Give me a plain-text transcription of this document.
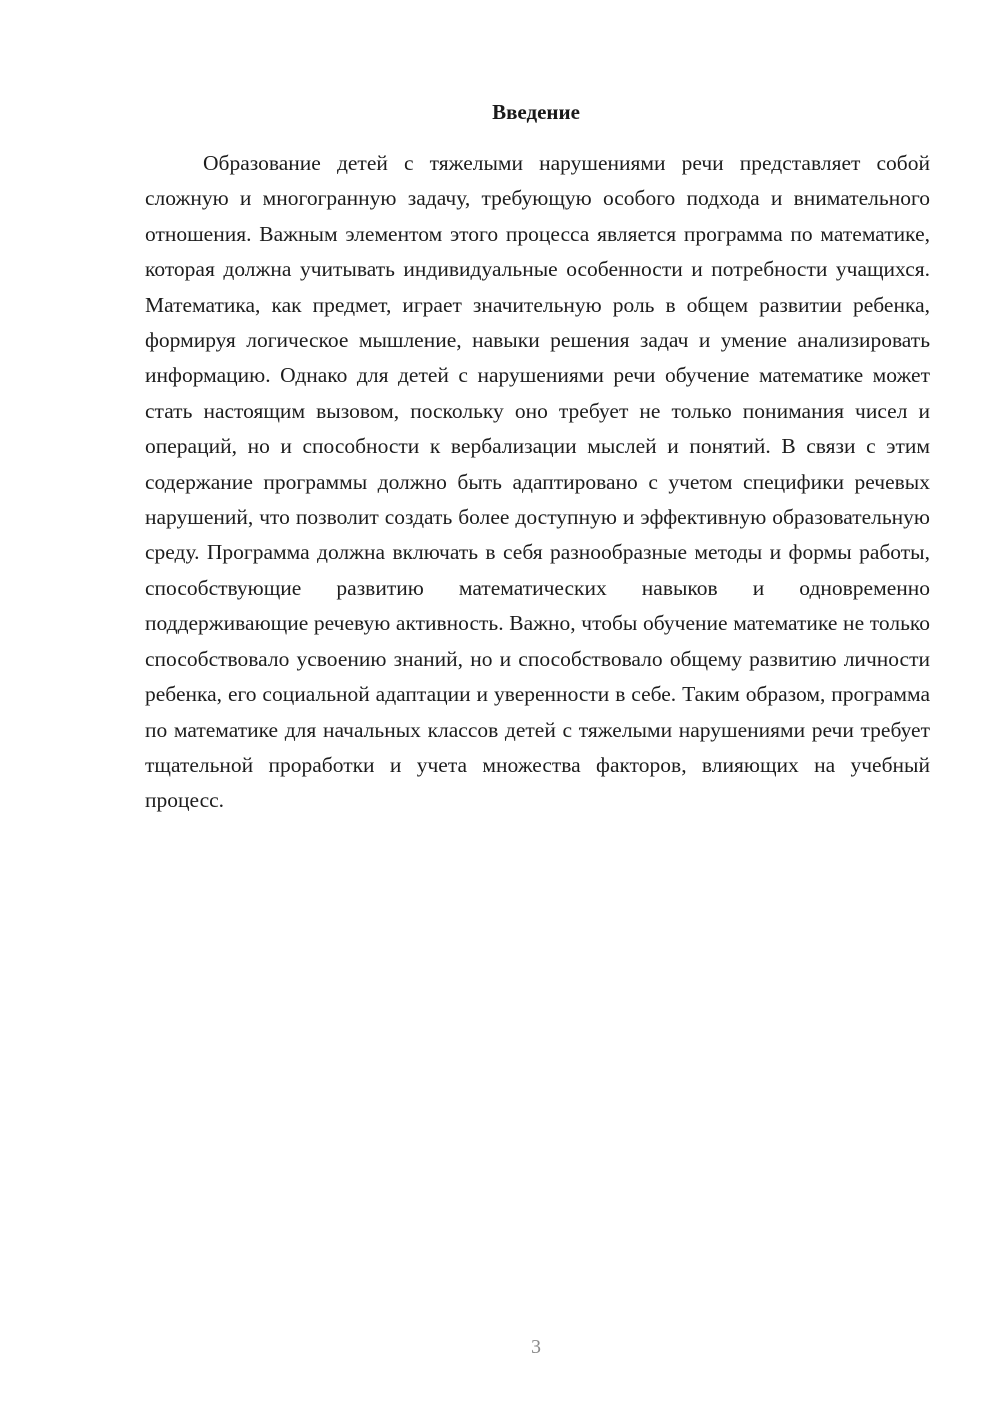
Введение

Образование детей с тяжелыми нарушениями речи представляет собой сложную и многогранную задачу, требующую особого подхода и внимательного отношения. Важным элементом этого процесса является программа по математике, которая должна учитывать индивидуальные особенности и потребности учащихся. Математика, как предмет, играет значительную роль в общем развитии ребенка, формируя логическое мышление, навыки решения задач и умение анализировать информацию. Однако для детей с нарушениями речи обучение математике может стать настоящим вызовом, поскольку оно требует не только понимания чисел и операций, но и способности к вербализации мыслей и понятий. В связи с этим содержание программы должно быть адаптировано с учетом специфики речевых нарушений, что позволит создать более доступную и эффективную образовательную среду. Программа должна включать в себя разнообразные методы и формы работы, способствующие развитию математических навыков и одновременно поддерживающие речевую активность. Важно, чтобы обучение математике не только способствовало усвоению знаний, но и способствовало общему развитию личности ребенка, его социальной адаптации и уверенности в себе. Таким образом, программа по математике для начальных классов детей с тяжелыми нарушениями речи требует тщательной проработки и учета множества факторов, влияющих на учебный процесс.

3
